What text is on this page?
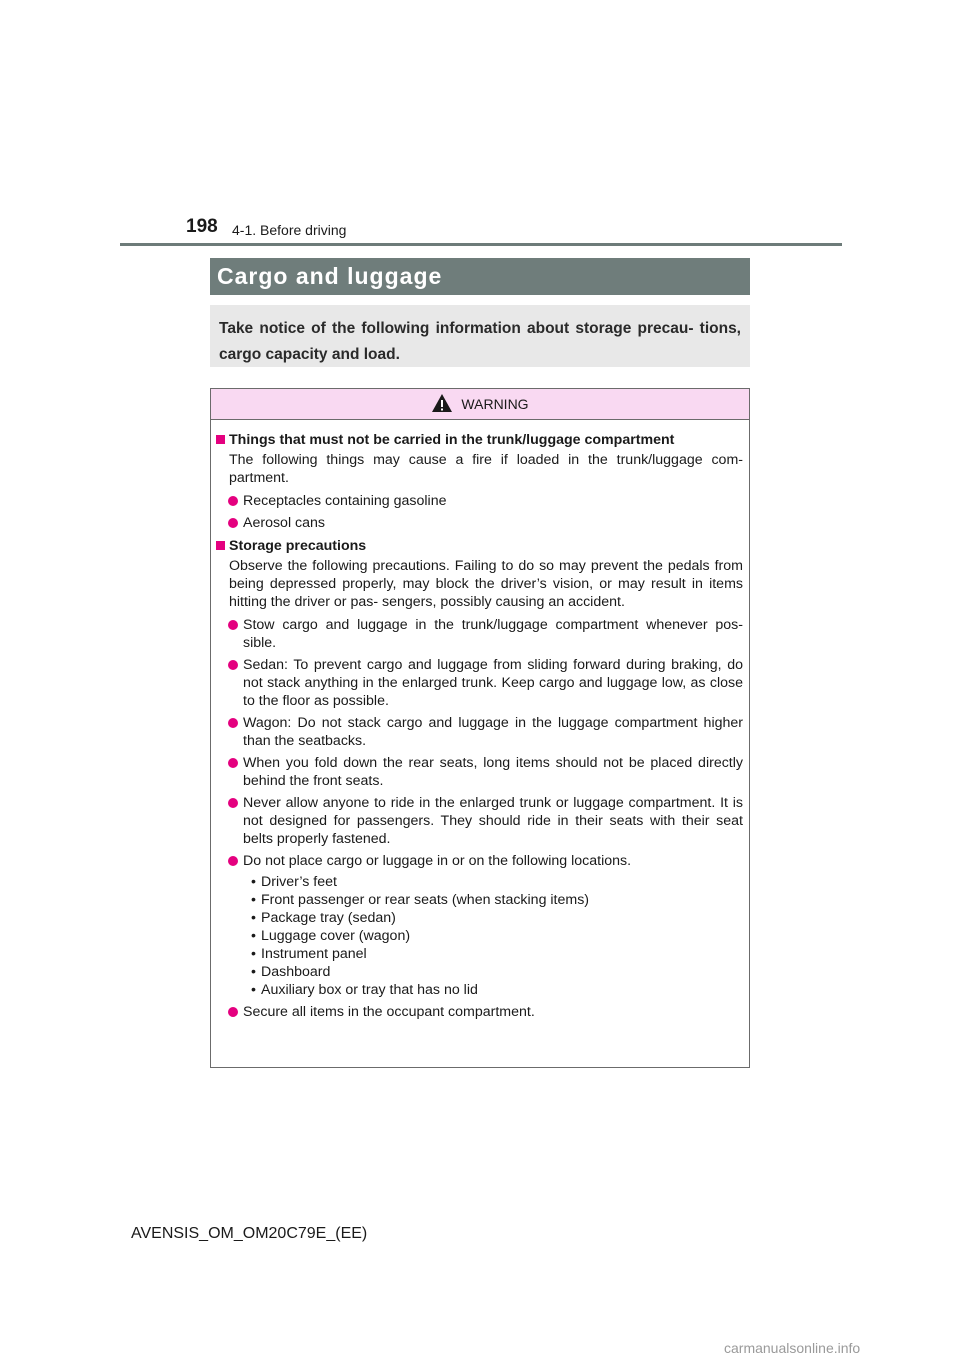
198 4-1. Before driving
Cargo and luggage
Take notice of the following information about storage precau- tions, cargo capacity and load.
WARNING
Things that must not be carried in the trunk/luggage compartment
The following things may cause a fire if loaded in the trunk/luggage com- partment.
Receptacles containing gasoline
Aerosol cans
Storage precautions
Observe the following precautions. Failing to do so may prevent the pedals from being depressed properly, may block the driver’s vision, or may result in items hitting the driver or pas- sengers, possibly causing an accident.
Stow cargo and luggage in the trunk/luggage compartment whenever pos- sible.
Sedan: To prevent cargo and luggage from sliding forward during braking, do not stack anything in the enlarged trunk. Keep cargo and luggage low, as close to the floor as possible.
Wagon: Do not stack cargo and luggage in the luggage compartment higher than the seatbacks.
When you fold down the rear seats, long items should not be placed directly behind the front seats.
Never allow anyone to ride in the enlarged trunk or luggage compartment. It is not designed for passengers. They should ride in their seats with their seat belts properly fastened.
Do not place cargo or luggage in or on the following locations.
• Driver’s feet
• Front passenger or rear seats (when stacking items)
• Package tray (sedan)
• Luggage cover (wagon)
• Instrument panel
• Dashboard
• Auxiliary box or tray that has no lid
Secure all items in the occupant compartment.
AVENSIS_OM_OM20C79E_(EE)
carmanualsonline.info
